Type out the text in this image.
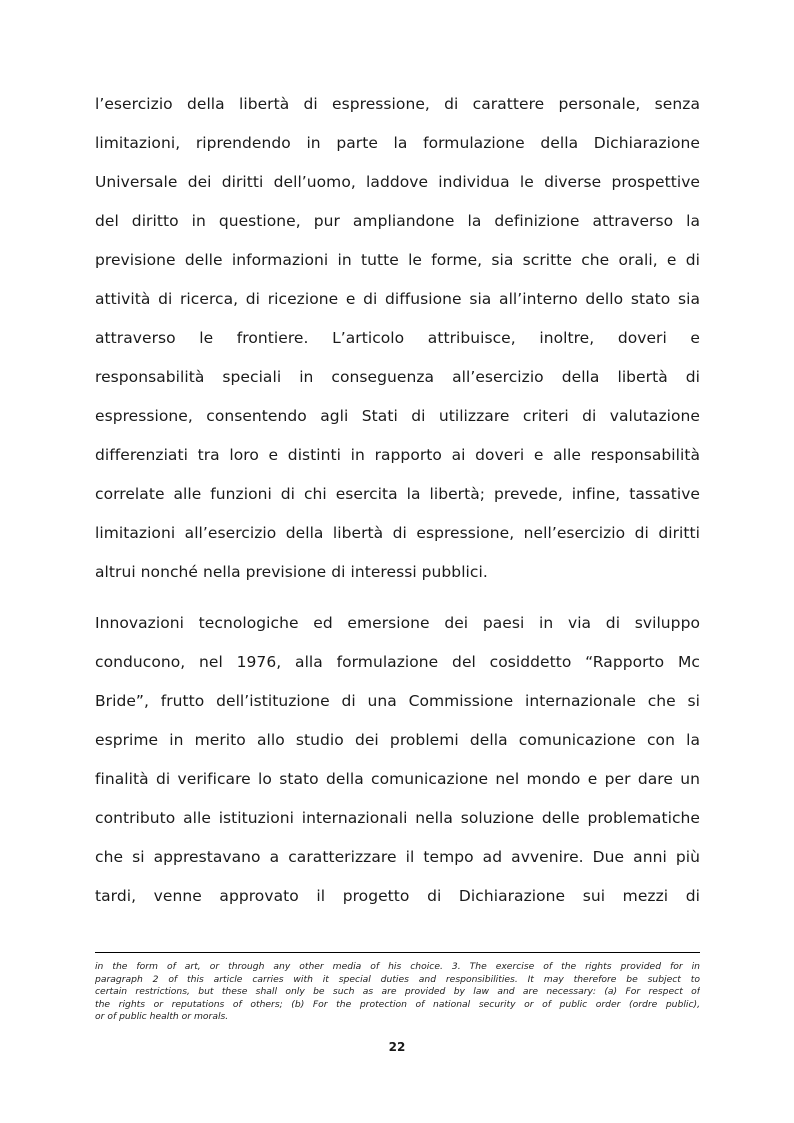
l’esercizio della libertà di espressione, di carattere personale, senza
limitazioni, riprendendo in parte la formulazione della Dichiarazione
Universale dei diritti dell’uomo, laddove individua le diverse prospettive
del diritto in questione, pur ampliandone la definizione attraverso la
previsione delle informazioni in tutte le forme, sia scritte che orali, e di
attività di ricerca, di ricezione e di diffusione sia all’interno dello stato sia
attraverso le frontiere. L’articolo attribuisce, inoltre, doveri e
responsabilità speciali in conseguenza all’esercizio della libertà di
espressione, consentendo agli Stati di utilizzare criteri di valutazione
differenziati tra loro e distinti in rapporto ai doveri e alle responsabilità
correlate alle funzioni di chi esercita la libertà; prevede, infine, tassative
limitazioni all’esercizio della libertà di espressione, nell’esercizio di diritti
altrui nonché nella previsione di interessi pubblici.
Innovazioni tecnologiche ed emersione dei paesi in via di sviluppo
conducono, nel 1976, alla formulazione del cosiddetto “Rapporto Mc
Bride”, frutto dell’istituzione di una Commissione internazionale che si
esprime in merito allo studio dei problemi della comunicazione con la
finalità di verificare lo stato della comunicazione nel mondo e per dare un
contributo alle istituzioni internazionali nella soluzione delle problematiche
che si apprestavano a caratterizzare il tempo ad avvenire. Due anni più
tardi, venne approvato il progetto di Dichiarazione sui mezzi di
in the form of art, or through any other media of his choice. 3. The exercise of the rights provided for in
paragraph 2 of this article carries with it special duties and responsibilities. It may therefore be subject to
certain restrictions, but these shall only be such as are provided by law and are necessary: (a) For respect of
the rights or reputations of others; (b) For the protection of national security or of public order (ordre public),
or of public health or morals.
22
